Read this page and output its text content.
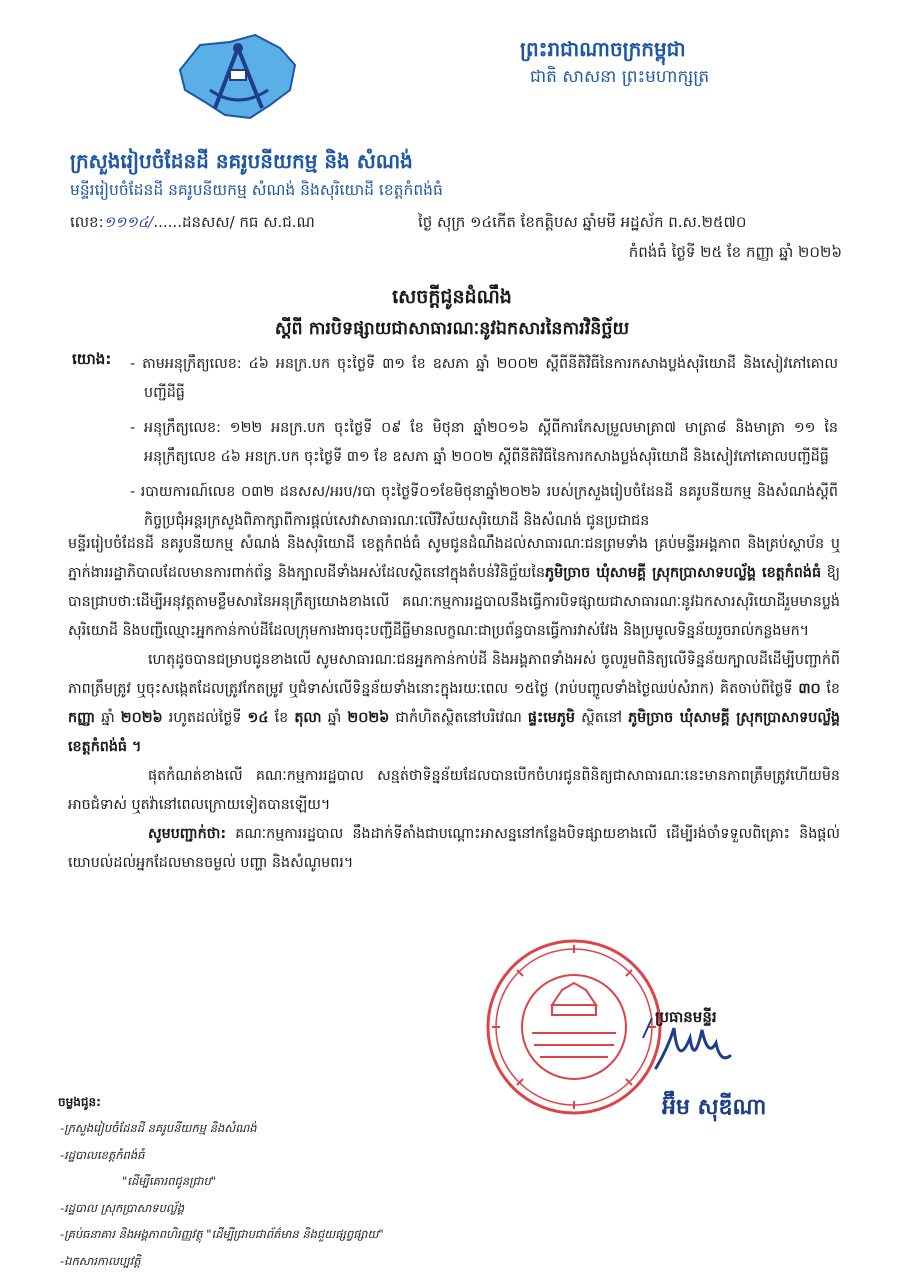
ព្រះរាជាណាចក្រកម្ពុជា
ជាតិ សាសនា ព្រះមហាក្សត្រ
ក្រសួងរៀបចំដែនដី នគរូបនីយកម្ម និង សំណង់
មន្ទីររៀបចំដែនដី នគរូបនីយកម្ម សំណង់ និងសុរិយោដី ខេត្តកំពង់ធំ
លេខ:១១១៤/......ដនសស/ កធ ស.ជ.ណ	ថ្ងៃ សុក្រ ១៤កើត ខែកត្ដិបស ឆ្នាំមមី អដ្ឋស័ក ព.ស.២៥៧០
កំពង់ធំ ថ្ងៃទី ២៥ ខែ កញ្ញា ឆ្នាំ ២០២៦
សេចក្ដីជូនដំណឹង
ស្ដីពី ការបិទផ្សាយជាសាធារណៈនូវឯកសារនៃការវិនិច្ឆ័យ
យោង: - តាមអនុក្រឹត្យលេខ: ៤៦ អនក្រ.បក ចុះថ្ងៃទី ៣១ ខែ ឧសភា ឆ្នាំ ២០០២ ស្ដីពីនីតិវិធីនៃការកសាងប្លង់សុរិយោដី និងសៀវភៅគោលបញ្ជីដីធ្លី
- អនុក្រឹត្យលេខ: ១២២ អនក្រ.បក ចុះថ្ងៃទី ០៩ ខែ មិថុនា ឆ្នាំ២០១៦ ស្ដីពីការកែសម្រួលមាត្រា៧ មាត្រា៨ និងមាត្រា ១១ នៃអនុក្រឹត្យលេខ ៤៦ អនក្រ.បក ចុះថ្ងៃទី ៣១ ខែ ឧសភា ឆ្នាំ ២០០២ ស្ដីពីនីតិវិធីនៃការកសាងប្លង់សុរិយោដី និងសៀវភៅគោលបញ្ជីដីធ្លី
- របាយការណ៍លេខ ០៣២ ដនសស/អរប/របា ចុះថ្ងៃទី០១ខែមិថុនាឆ្នាំ២០២៦ របស់ក្រសួងរៀបចំដែនដី នគរូបនីយកម្ម និងសំណង់ស្ដីពីកិច្ចប្រជុំអន្តរក្រសួងពិភាក្សាពីការផ្ដល់សេវាសាធារណៈលើវិស័យសុរិយោដី និងសំណង់ ជូនប្រជាជន

មន្ទីររៀបចំដែនដី នគរូបនីយកម្ម សំណង់ និងសុរិយោដី ខេត្តកំពង់ធំ សូមជូនដំណឹងដល់សាធារណៈជនព្រមទាំង គ្រប់មន្ទីរអង្គភាព និងគ្រប់ស្ថាប័ន ឬភ្នាក់ងាររដ្ឋាភិបាលដែលមានការពាក់ព័ន្ធ និងក្បាលដីទាំងអស់ដែលស្ថិតនៅក្នុងតំបន់វិនិច្ឆ័យនៃភូមិច្រាច ឃុំសាមគ្គី ស្រុកប្រាសាទបល្ល័ង្គ ខេត្តកំពង់ធំ ឱ្យបានជ្រាបថា:ដើម្បីអនុវត្តតាមខ្លឹមសារនៃអនុក្រឹត្យយោងខាងលើ គណៈកម្មការរដ្ឋបាលនឹងធ្វើការបិទផ្សាយជាសាធារណៈនូវឯកសារសុរិយោដីរួមមានប្លង់សុរិយោដី និងបញ្ជីឈ្មោះអ្នកកាន់កាប់ដីដែលក្រុមការងារចុះបញ្ជីដីធ្លីមានលក្ខណៈជាប្រព័ន្ធបានធ្វើការវាស់វែង និងប្រមូលទិន្នន័យរួចរាល់កន្លងមក។

ហេតុដូចបានជម្រាបជូនខាងលើ សូមសាធារណៈជនអ្នកកាន់កាប់ដី និងអង្គភាពទាំងអស់ ចូលរួមពិនិត្យលើទិន្នន័យក្បាលដីដើម្បីបញ្ជាក់ពីភាពត្រឹមត្រូវ ឬចុះសង្កេតដែលត្រូវកែតម្រូវ ឬជំទាស់លើទិន្នន័យទាំងនោះក្នុងរយៈពេល ១៥ថ្ងៃ (រាប់បញ្ចូលទាំងថ្ងៃឈប់សំរាក) គិតចាប់ពីថ្ងៃទី ៣០ ខែ កញ្ញា ឆ្នាំ ២០២៦ រហូតដល់ថ្ងៃទី ១៤ ខែ តុលា ឆ្នាំ ២០២៦ ជាកំហិតស្ថិតនៅបរិវេណ ផ្ទះមេភូមិ ស្ថិតនៅ ភូមិច្រាច ឃុំសាមគ្គី ស្រុកប្រាសាទបល្ល័ង្គ ខេត្តកំពង់ធំ ។

ផុតកំណត់ខាងលើ គណៈកម្មការរដ្ឋបាល សន្មត់ថាទិន្នន័យដែលបានបើកចំហរជូនពិនិត្យជាសាធារណៈនេះមានភាពត្រឹមត្រូវហើយមិនអាចជំទាស់ ឬតវ៉ានៅពេលក្រោយទៀតបានឡើយ។

សូមបញ្ជាក់ថា: គណៈកម្មការរដ្ឋបាល នឹងដាក់ទីតាំងជាបណ្ដោះអាសន្ននៅកន្លែងបិទផ្សាយខាងលើ ដើម្បីរង់ចាំទទួលពិគ្រោះ និងផ្ដល់យោបល់ដល់អ្នកដែលមានចម្ងល់ បញ្ហា និងសំណូមពរ។

ប្រធានមន្ទីរ
អ៊ឹម សុឌីណា
ចម្លងជូន:
-ក្រសួងរៀបចំដែនដី នគរូបនីយកម្ម និងសំណង់
-រដ្ឋបាលខេត្តកំពង់ធំ
"ដើម្បីគោរពជូនជ្រាប"
-រដ្ឋបាល ស្រុកប្រាសាទបល្ល័ង្គ
-គ្រប់ធនាគារ និងអង្គភាពហិរញ្ញវត្ថុ "ដើម្បីជ្រាបជាព័ត៌មាន និងជួយផ្សព្វផ្សាយ"
-ឯកសារកាលប្បវត្តិ
